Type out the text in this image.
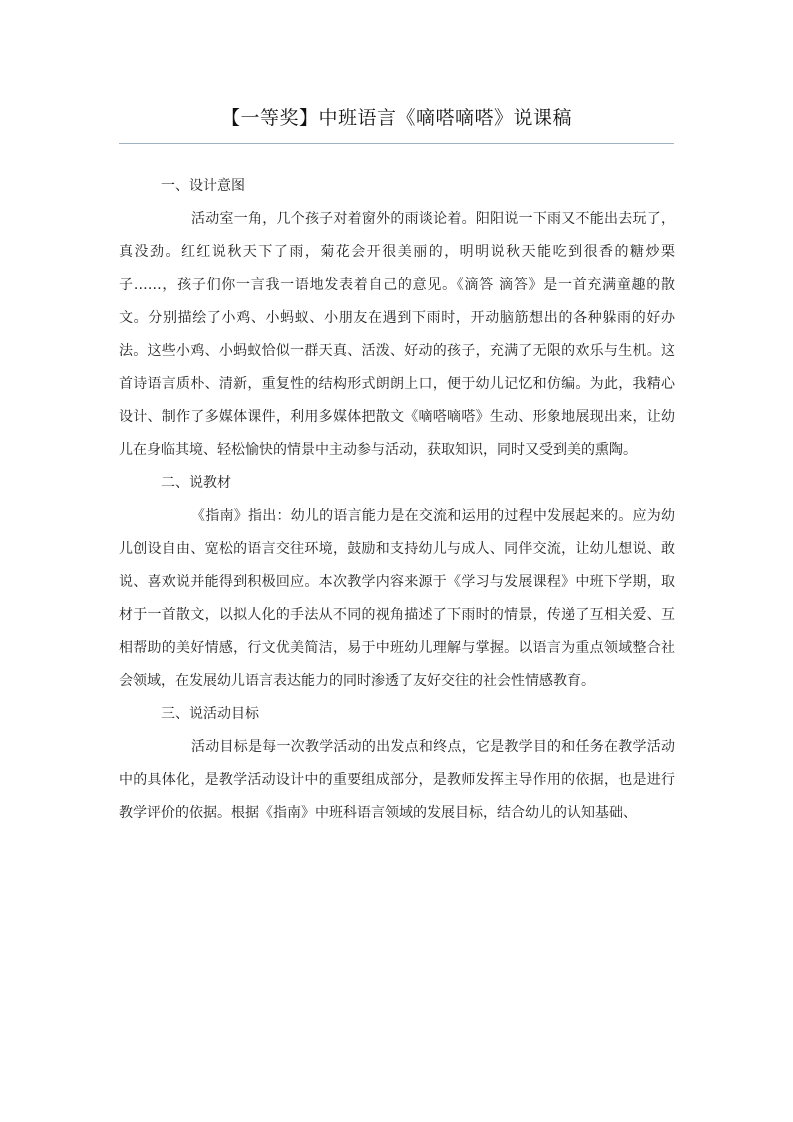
【一等奖】中班语言《嘀嗒嘀嗒》说课稿
一、设计意图

活动室一角，几个孩子对着窗外的雨谈论着。阳阳说一下雨又不能出去玩了，真没劲。红红说秋天下了雨，菊花会开很美丽的，明明说秋天能吃到很香的糖炒栗子……，孩子们你一言我一语地发表着自己的意见。《滴答 滴答》是一首充满童趣的散文。分别描绘了小鸡、小蚂蚁、小朋友在遇到下雨时，开动脑筋想出的各种躲雨的好办法。这些小鸡、小蚂蚁恰似一群天真、活泼、好动的孩子，充满了无限的欢乐与生机。这首诗语言质朴、清新，重复性的结构形式朗朗上口，便于幼儿记忆和仿编。为此，我精心设计、制作了多媒体课件，利用多媒体把散文《嘀嗒嘀嗒》生动、形象地展现出来，让幼儿在身临其境、轻松愉快的情景中主动参与活动，获取知识，同时又受到美的熏陶。

二、说教材

《指南》指出：幼儿的语言能力是在交流和运用的过程中发展起来的。应为幼儿创设自由、宽松的语言交往环境，鼓励和支持幼儿与成人、同伴交流，让幼儿想说、敢说、喜欢说并能得到积极回应。本次教学内容来源于《学习与发展课程》中班下学期，取材于一首散文，以拟人化的手法从不同的视角描述了下雨时的情景，传递了互相关爱、互相帮助的美好情感，行文优美简洁，易于中班幼儿理解与掌握。以语言为重点领域整合社会领域，在发展幼儿语言表达能力的同时渗透了友好交往的社会性情感教育。

三、说活动目标

活动目标是每一次教学活动的出发点和终点，它是教学目的和任务在教学活动中的具体化，是教学活动设计中的重要组成部分，是教师发挥主导作用的依据，也是进行教学评价的依据。根据《指南》中班科语言领域的发展目标，结合幼儿的认知基础、
